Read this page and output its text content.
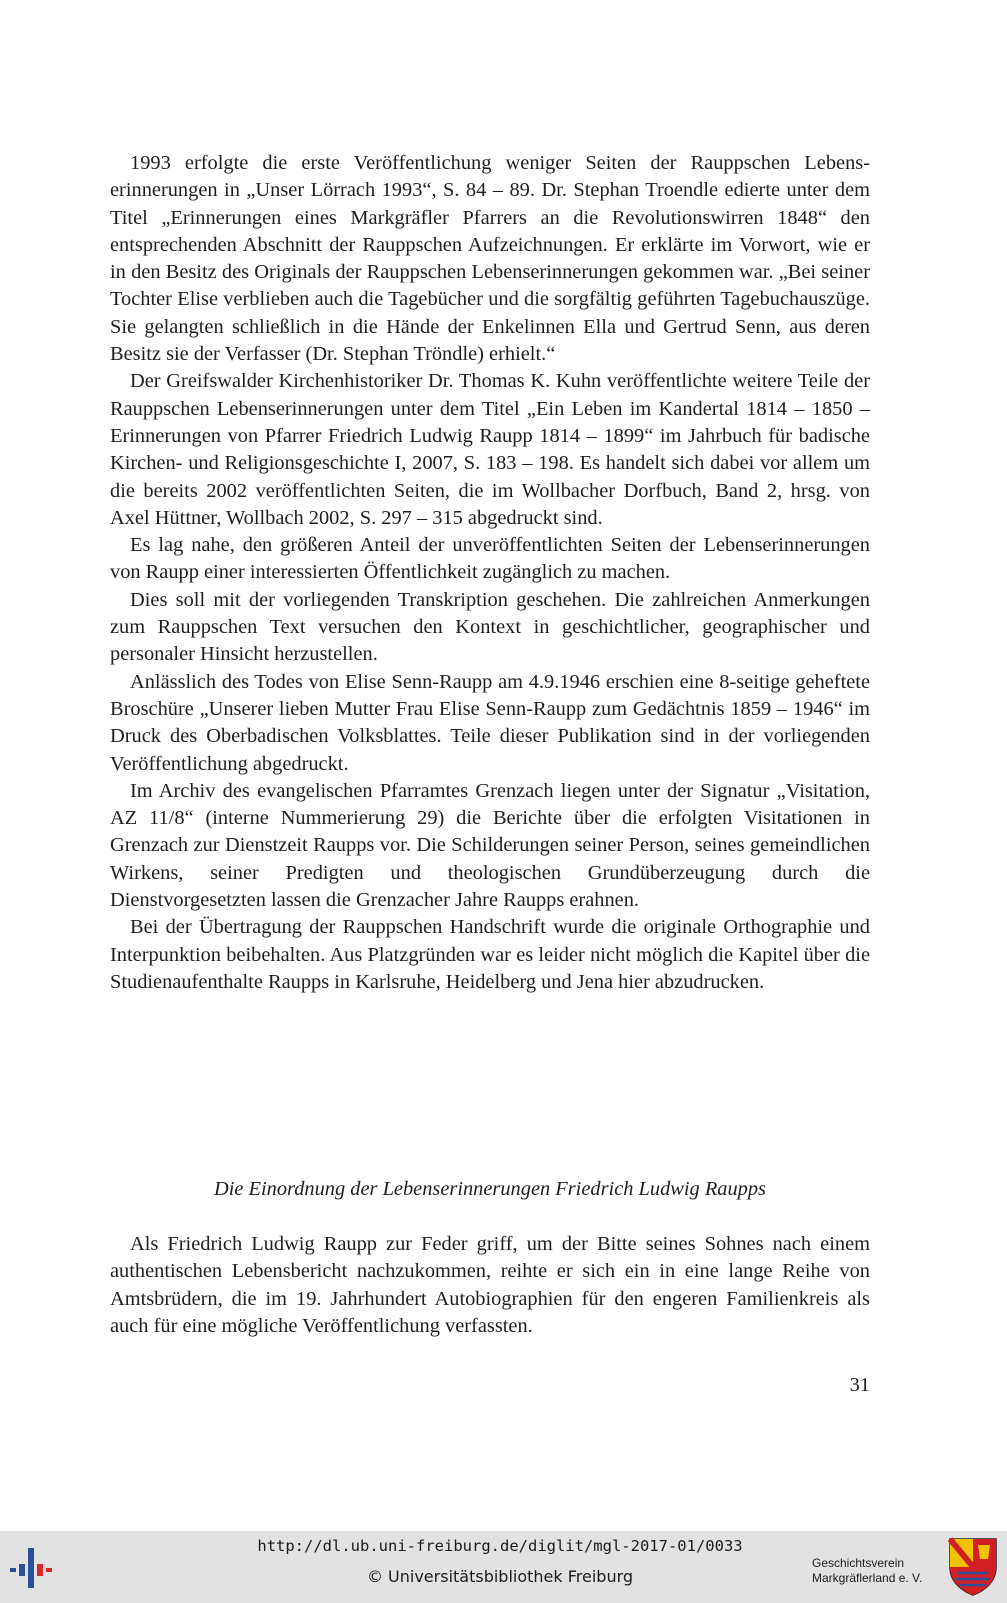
1993 erfolgte die erste Veröffentlichung weniger Seiten der Rauppschen Lebenserinnerungen in „Unser Lörrach 1993“, S. 84 – 89. Dr. Stephan Troendle edierte unter dem Titel „Erinnerungen eines Markgräfler Pfarrers an die Revolutionswirren 1848“ den entsprechenden Abschnitt der Rauppschen Aufzeichnungen. Er erklärte im Vorwort, wie er in den Besitz des Originals der Rauppschen Lebenserinnerungen gekommen war. „Bei seiner Tochter Elise verblieben auch die Tagebücher und die sorgfältig geführten Tagebuchauszüge. Sie gelangten schließlich in die Hände der Enkelinnen Ella und Gertrud Senn, aus deren Besitz sie der Verfasser (Dr. Stephan Tröndle) erhielt.“

Der Greifswalder Kirchenhistoriker Dr. Thomas K. Kuhn veröffentlichte weitere Teile der Rauppschen Lebenserinnerungen unter dem Titel „Ein Leben im Kandertal 1814 – 1850 – Erinnerungen von Pfarrer Friedrich Ludwig Raupp 1814 – 1899“ im Jahrbuch für badische Kirchen- und Religionsgeschichte I, 2007, S. 183 – 198. Es handelt sich dabei vor allem um die bereits 2002 veröffentlichten Seiten, die im Wollbacher Dorfbuch, Band 2, hrsg. von Axel Hüttner, Wollbach 2002, S. 297 – 315 abgedruckt sind.

Es lag nahe, den größeren Anteil der unveröffentlichten Seiten der Lebenserinnerungen von Raupp einer interessierten Öffentlichkeit zugänglich zu machen.

Dies soll mit der vorliegenden Transkription geschehen. Die zahlreichen Anmerkungen zum Rauppschen Text versuchen den Kontext in geschichtlicher, geographischer und personaler Hinsicht herzustellen.

Anlässlich des Todes von Elise Senn-Raupp am 4.9.1946 erschien eine 8-seitige geheftete Broschüre „Unserer lieben Mutter Frau Elise Senn-Raupp zum Gedächtnis 1859 – 1946“ im Druck des Oberbadischen Volksblattes. Teile dieser Publikation sind in der vorliegenden Veröffentlichung abgedruckt.

Im Archiv des evangelischen Pfarramtes Grenzach liegen unter der Signatur „Visitation, AZ 11/8“ (interne Nummerierung 29) die Berichte über die erfolgten Visitationen in Grenzach zur Dienstzeit Raupps vor. Die Schilderungen seiner Person, seines gemeindlichen Wirkens, seiner Predigten und theologischen Grundüberzeugung durch die Dienstvorgesetzten lassen die Grenzacher Jahre Raupps erahnen.

Bei der Übertragung der Rauppschen Handschrift wurde die originale Orthographie und Interpunktion beibehalten. Aus Platzgründen war es leider nicht möglich die Kapitel über die Studienaufenthalte Raupps in Karlsruhe, Heidelberg und Jena hier abzudrucken.

Die Einordnung der Lebenserinnerungen Friedrich Ludwig Raupps

Als Friedrich Ludwig Raupp zur Feder griff, um der Bitte seines Sohnes nach einem authentischen Lebensbericht nachzukommen, reihte er sich ein in eine lange Reihe von Amtsbrüdern, die im 19. Jahrhundert Autobiographien für den engeren Familienkreis als auch für eine mögliche Veröffentlichung verfassten.

31
http://dl.ub.uni-freiburg.de/diglit/mgl-2017-01/0033
© Universitätsbibliothek Freiburg
Geschichtsverein
Markgräflerland e. V.
